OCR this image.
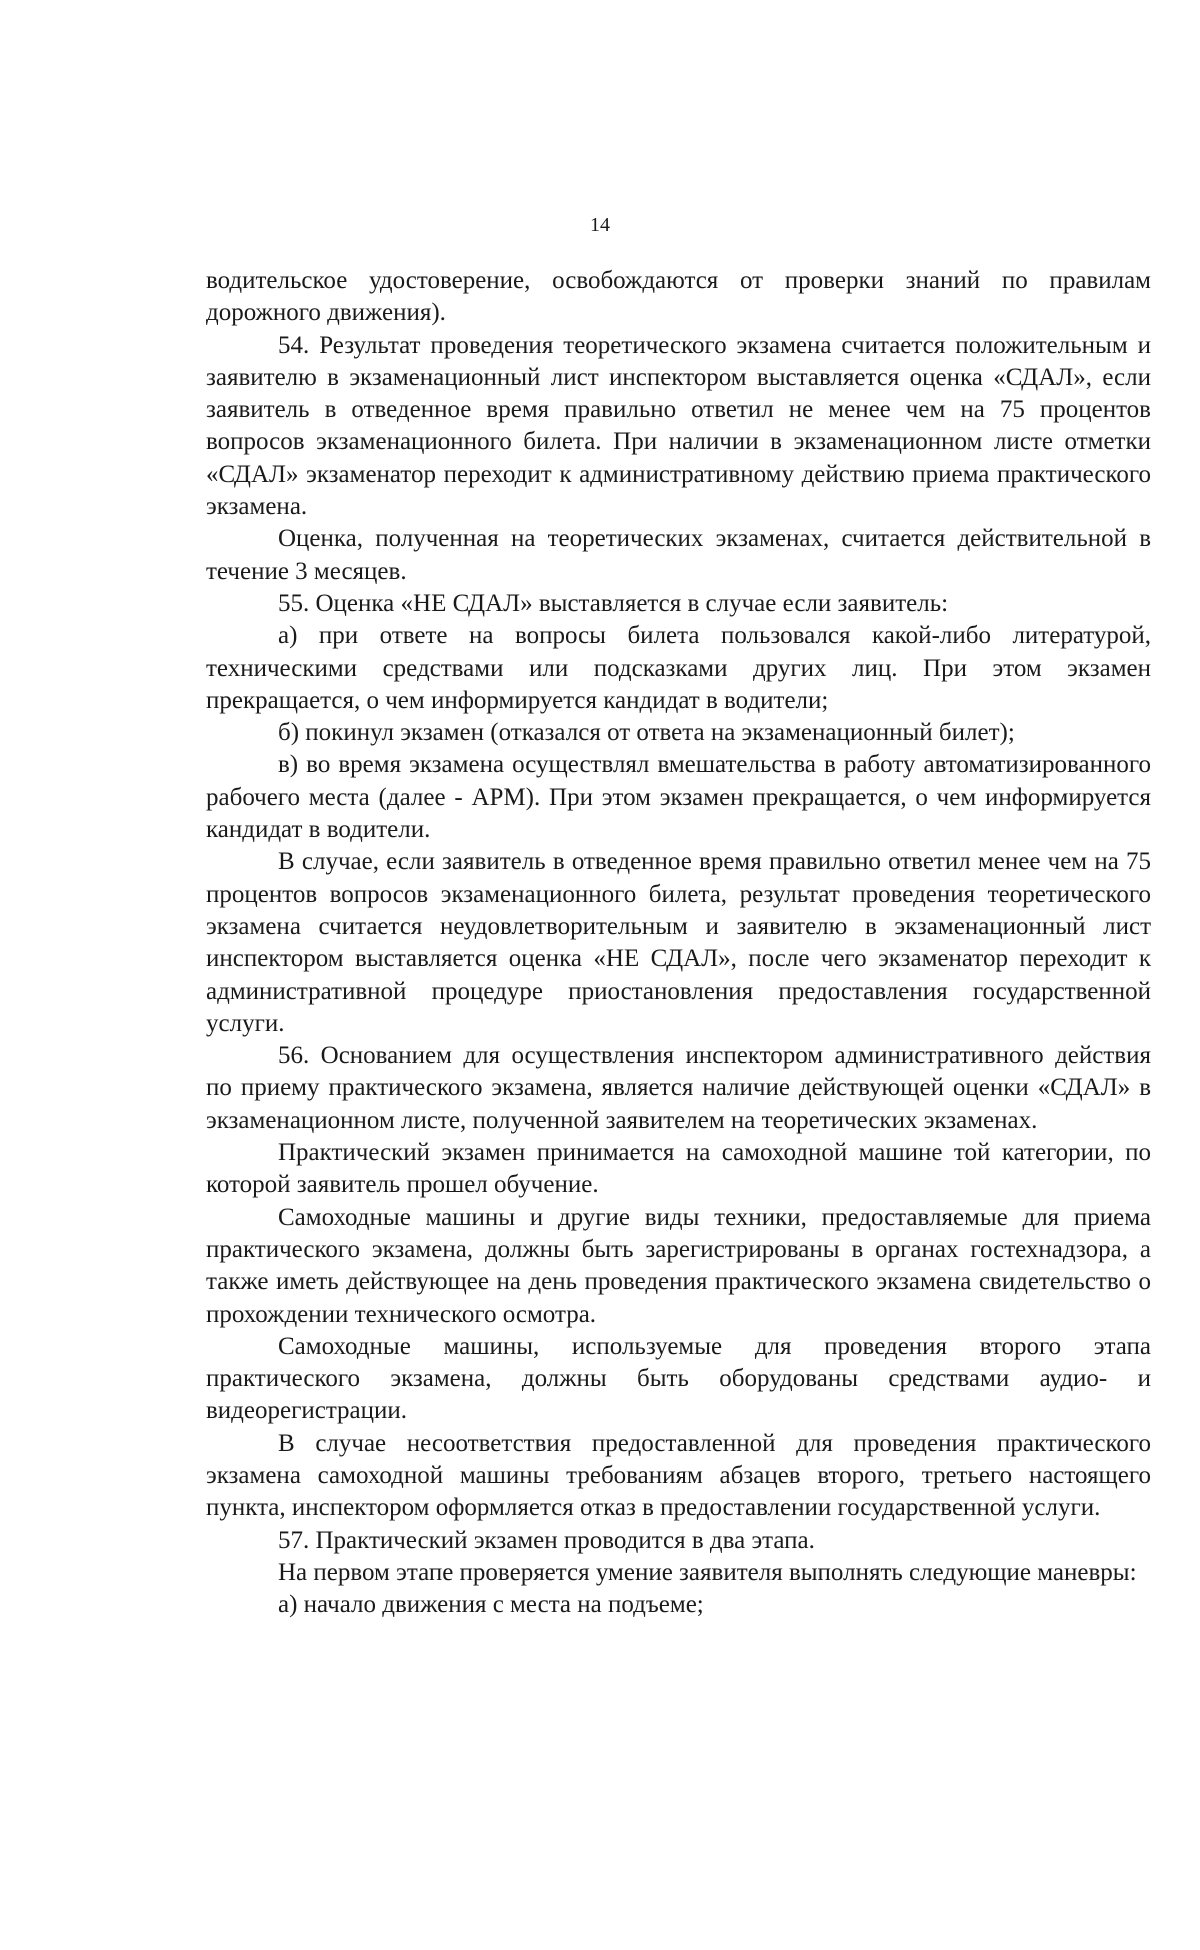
14

водительское удостоверение, освобождаются от проверки знаний по правилам дорожного движения).

54. Результат проведения теоретического экзамена считается положительным и заявителю в экзаменационный лист инспектором выставляется оценка «СДАЛ», если заявитель в отведенное время правильно ответил не менее чем на 75 процентов вопросов экзаменационного билета. При наличии в экзаменационном листе отметки «СДАЛ» экзаменатор переходит к административному действию приема практического экзамена.

Оценка, полученная на теоретических экзаменах, считается действительной в течение 3 месяцев.

55. Оценка «НЕ СДАЛ» выставляется в случае если заявитель:

а) при ответе на вопросы билета пользовался какой-либо литературой, техническими средствами или подсказками других лиц. При этом экзамен прекращается, о чем информируется кандидат в водители;

б) покинул экзамен (отказался от ответа на экзаменационный билет);

в) во время экзамена осуществлял вмешательства в работу автоматизированного рабочего места (далее - АРМ). При этом экзамен прекращается, о чем информируется кандидат в водители.

В случае, если заявитель в отведенное время правильно ответил менее чем на 75 процентов вопросов экзаменационного билета, результат проведения теоретического экзамена считается неудовлетворительным и заявителю в экзаменационный лист инспектором выставляется оценка «НЕ СДАЛ», после чего экзаменатор переходит к административной процедуре приостановления предоставления государственной услуги.

56. Основанием для осуществления инспектором административного действия по приему практического экзамена, является наличие действующей оценки «СДАЛ» в экзаменационном листе, полученной заявителем на теоретических экзаменах.

Практический экзамен принимается на самоходной машине той категории, по которой заявитель прошел обучение.

Самоходные машины и другие виды техники, предоставляемые для приема практического экзамена, должны быть зарегистрированы в органах гостехнадзора, а также иметь действующее на день проведения практического экзамена свидетельство о прохождении технического осмотра.

Самоходные машины, используемые для проведения второго этапа практического экзамена, должны быть оборудованы средствами аудио- и видеорегистрации.

В случае несоответствия предоставленной для проведения практического экзамена самоходной машины требованиям абзацев второго, третьего настоящего пункта, инспектором оформляется отказ в предоставлении государственной услуги.

57. Практический экзамен проводится в два этапа.

На первом этапе проверяется умение заявителя выполнять следующие маневры:

а) начало движения с места на подъеме;
